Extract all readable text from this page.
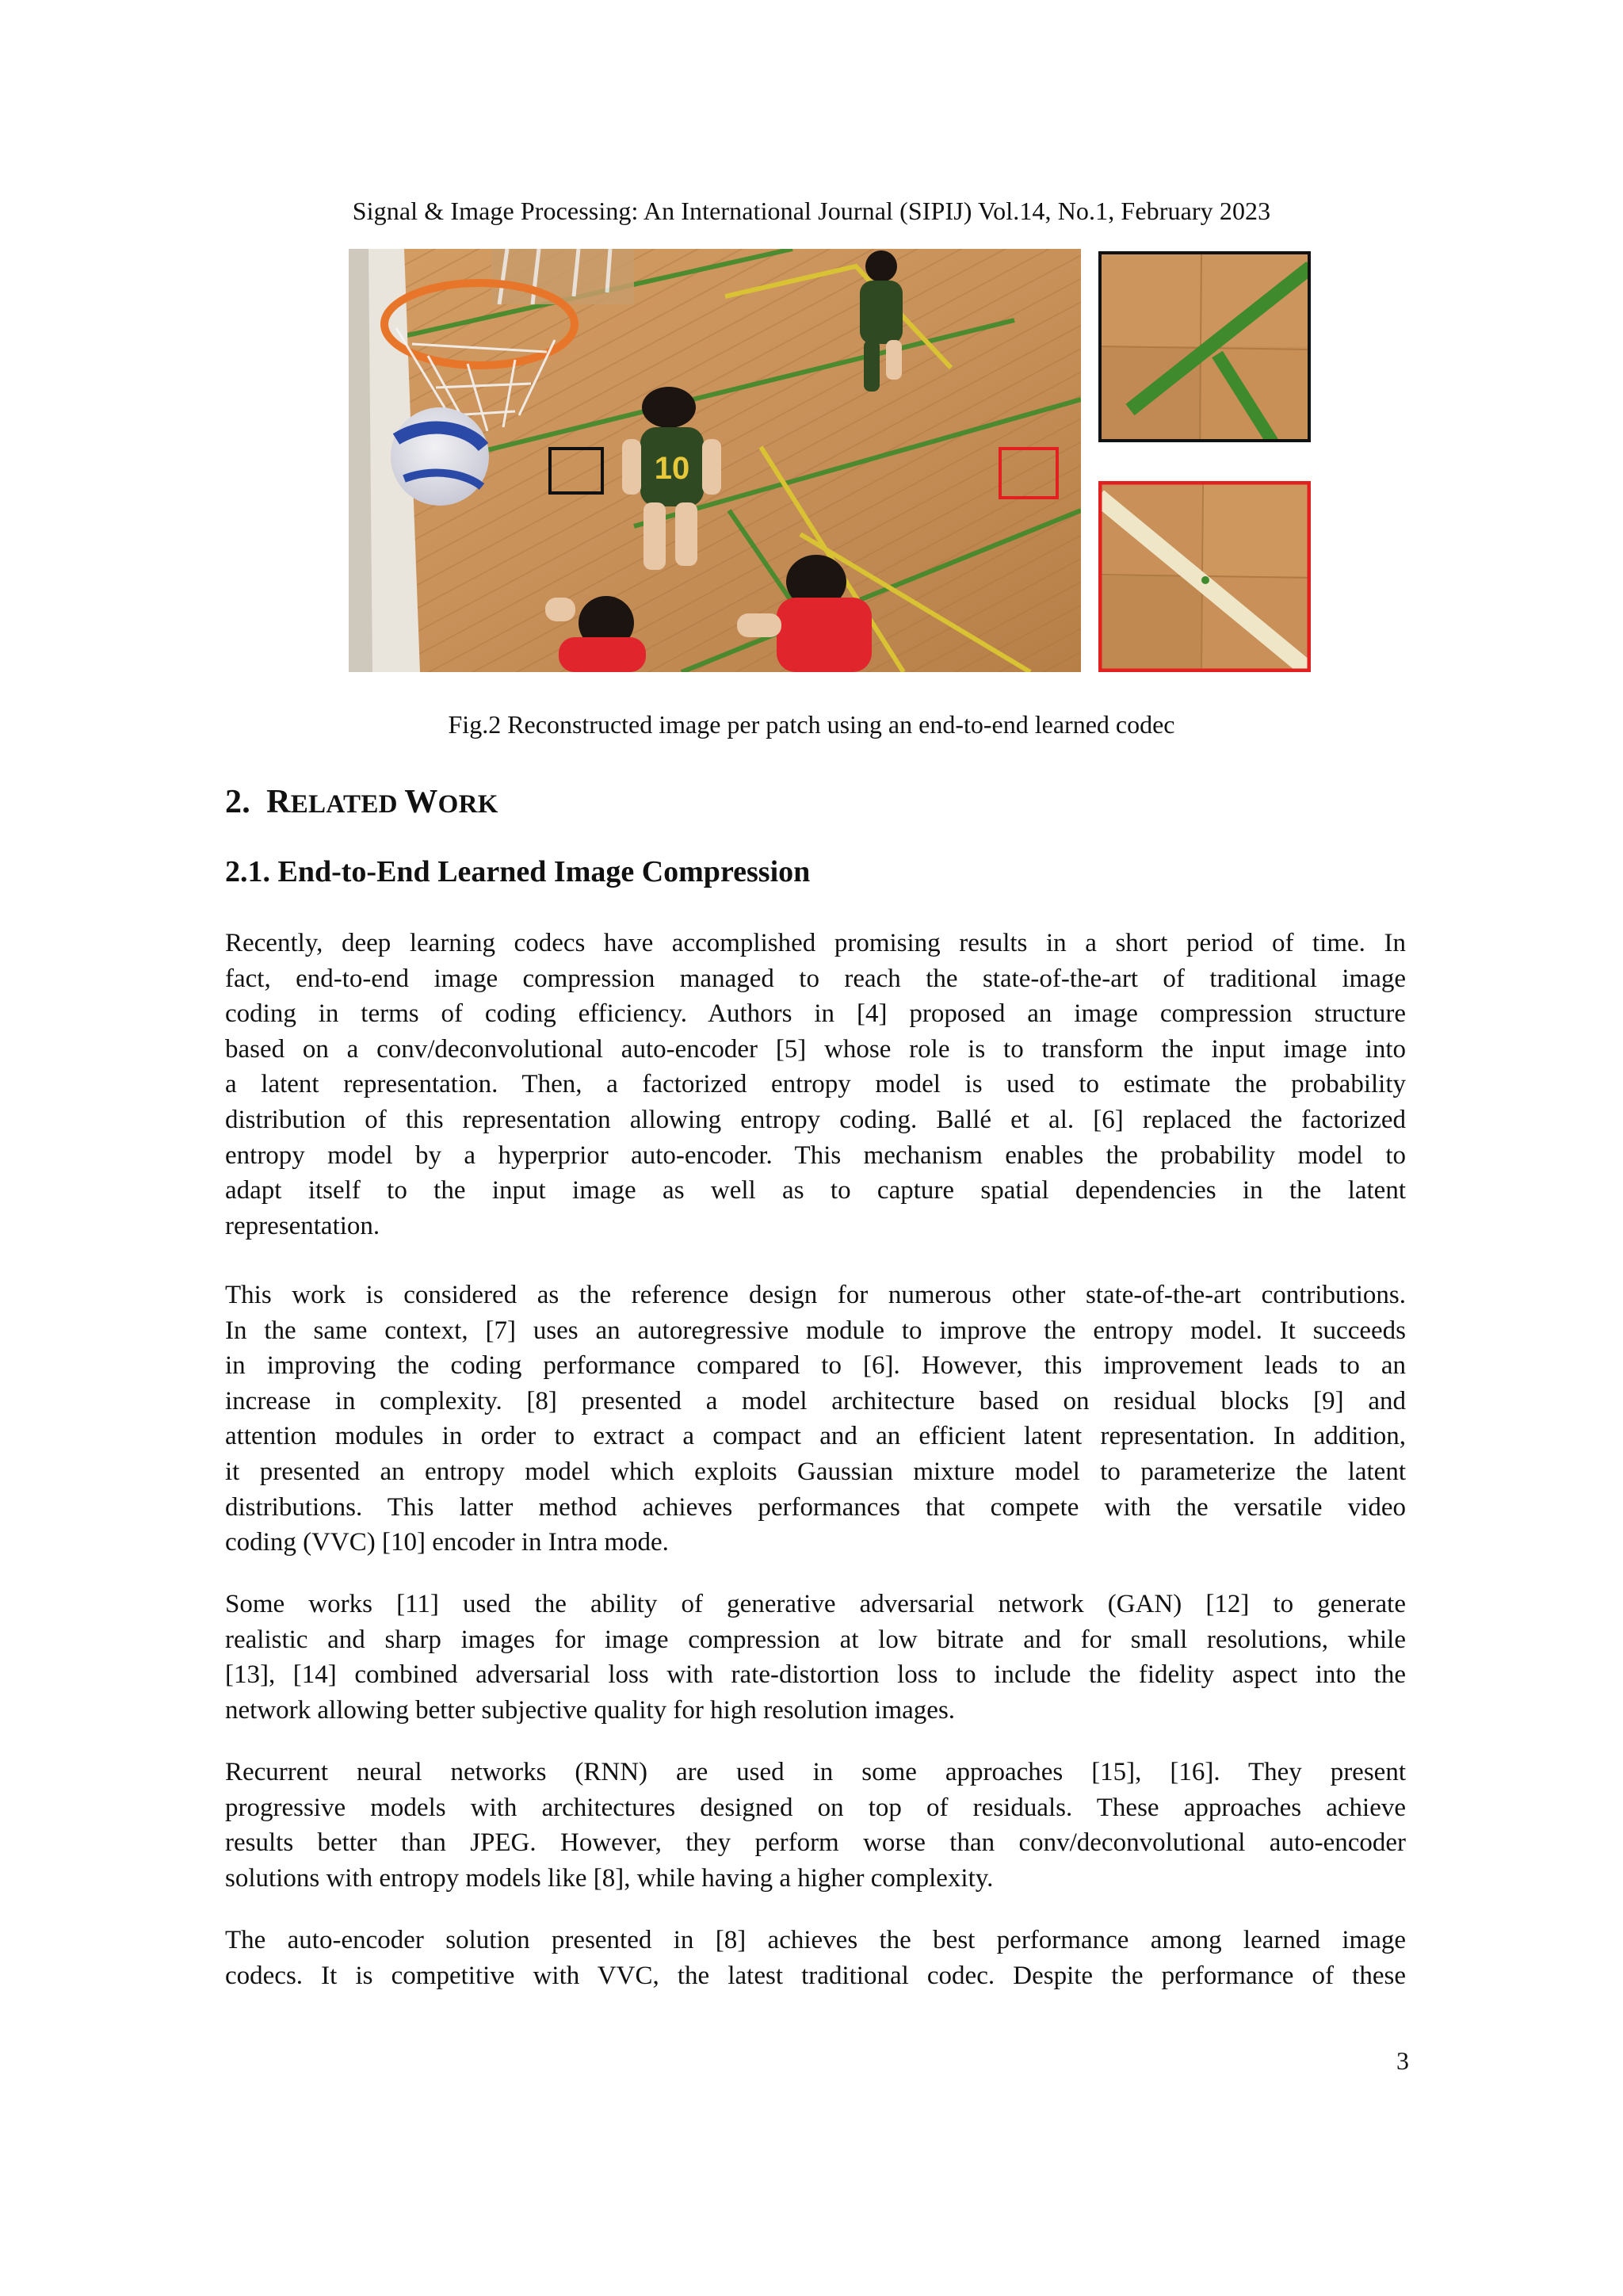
Signal & Image Processing: An International Journal (SIPIJ) Vol.14, No.1, February 2023
10
Fig.2 Reconstructed image per patch using an end-to-end learned codec
2. RELATED WORK
2.1. End-to-End Learned Image Compression
Recently, deep learning codecs have accomplished promising results in a short period of time. In
fact, end-to-end image compression managed to reach the state-of-the-art of traditional image
coding in terms of coding efficiency. Authors in [4] proposed an image compression structure
based on a conv/deconvolutional auto-encoder [5] whose role is to transform the input image into
a latent representation. Then, a factorized entropy model is used to estimate the probability
distribution of this representation allowing entropy coding. Ballé et al. [6] replaced the factorized
entropy model by a hyperprior auto-encoder. This mechanism enables the probability model to
adapt itself to the input image as well as to capture spatial dependencies in the latent
representation.
This work is considered as the reference design for numerous other state-of-the-art contributions.
In the same context, [7] uses an autoregressive module to improve the entropy model. It succeeds
in improving the coding performance compared to [6]. However, this improvement leads to an
increase in complexity. [8] presented a model architecture based on residual blocks [9] and
attention modules in order to extract a compact and an efficient latent representation. In addition,
it presented an entropy model which exploits Gaussian mixture model to parameterize the latent
distributions. This latter method achieves performances that compete with the versatile video
coding (VVC) [10] encoder in Intra mode.
Some works [11] used the ability of generative adversarial network (GAN) [12] to generate
realistic and sharp images for image compression at low bitrate and for small resolutions, while
[13], [14] combined adversarial loss with rate-distortion loss to include the fidelity aspect into the
network allowing better subjective quality for high resolution images.
Recurrent neural networks (RNN) are used in some approaches [15], [16]. They present
progressive models with architectures designed on top of residuals. These approaches achieve
results better than JPEG. However, they perform worse than conv/deconvolutional auto-encoder
solutions with entropy models like [8], while having a higher complexity.
The auto-encoder solution presented in [8] achieves the best performance among learned image
codecs. It is competitive with VVC, the latest traditional codec. Despite the performance of these
3
